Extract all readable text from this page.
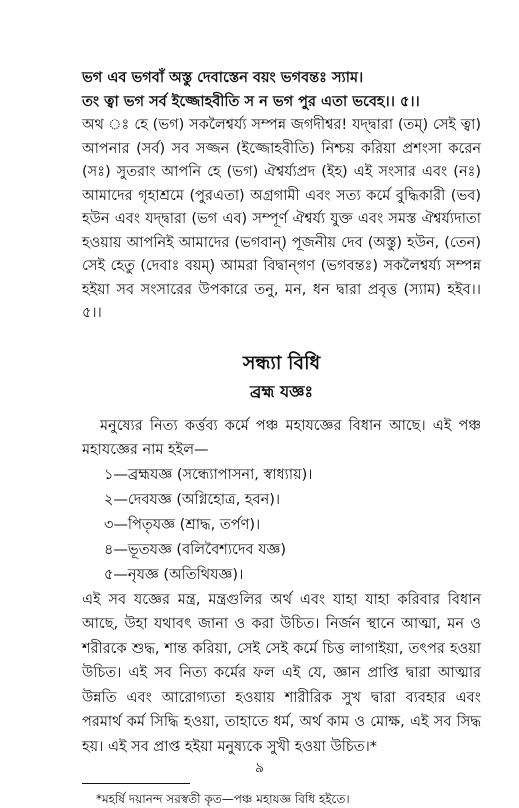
ভগ এব ভগবাঁ অস্তু দেবাস্তেন বয়ং ভগবন্তঃ স্যাম।
তং ত্বা ভগ সর্ব ইজ্জোহবীতি স ন ভগ পুর এতা ভবেহ।। ৫।।
অথ ঃ হে (ভগ) সকলৈশ্বর্য্য সম্পন্ন জগদীশ্বর! যদ্দ্বারা (তম্) সেই ত্বা) আপনার (সর্ব) সব সজ্জন (ইজ্জোহবীতি) নিশ্চয় করিয়া প্রশংসা করেন (সঃ) সুতরাং আপনি হে (ভগ) ঐশ্বর্য্যপ্রদ (ইহ) এই সংসার এবং (নঃ) আমাদের গৃহাশ্রমে (পুরএতা) অগ্রগামী এবং সত্য কর্মে বুদ্ধিকারী (ভব) হউন এবং যদ্দ্বারা (ভগ এব) সম্পূর্ণ ঐশ্বর্য্য যুক্ত এবং সমস্ত ঐশ্বর্য্যদাতা হওয়ায় আপনিই আমাদের (ভগবান্) পূজনীয় দেব (অস্তু) হউন, (তেন) সেই হেতু (দেবাঃ বয়ম্) আমরা বিদ্বান্গণ (ভগবন্তঃ) সকলৈশ্বর্য্য সম্পন্ন হইয়া সব সংসারের উপকারে তনু, মন, ধন দ্বারা প্রবৃত্ত (স্যাম) হইব।। ৫।।
সন্ধ্যা বিধি
ব্রহ্ম যজ্ঞঃ
মনুষ্যের নিত্য কর্ত্তব্য কর্মে পঞ্চ মহাযজ্ঞের বিধান আছে। এই পঞ্চ মহাযজ্ঞের নাম হইল—
১—ব্রহ্মযজ্ঞ (সন্ধ্যোপাসনা, স্বাধ্যায়)।
২—দেবযজ্ঞ (অগ্নিহোত্র, হবন)।
৩—পিতৃযজ্ঞ (শ্রাদ্ধ, তর্পণ)।
৪—ভূতযজ্ঞ (বলিবৈশ্যদেব যজ্ঞ)
৫—নৃযজ্ঞ (অতিথিযজ্ঞ)।
এই সব যজ্ঞের মন্ত্র, মন্ত্রগুলির অর্থ এবং যাহা যাহা করিবার বিধান আছে, উহা যথাবৎ জানা ও করা উচিত। নির্জন স্থানে আত্মা, মন ও শরীরকে শুদ্ধ, শান্ত করিয়া, সেই সেই কর্মে চিত্ত লাগাইয়া, তৎপর হওয়া উচিত। এই সব নিত্য কর্মের ফল এই যে, জ্ঞান প্রাপ্তি দ্বারা আত্মার উন্নতি এবং আরোগ্যতা হওয়ায় শারীরিক সুখ দ্বারা ব্যবহার এবং পরমার্থ কর্ম সিদ্ধি হওয়া, তাহাতে ধর্ম, অর্থ কাম ও মোক্ষ, এই সব সিদ্ধ হয়। এই সব প্রাপ্ত হইয়া মনুষ্যকে সুখী হওয়া উচিত।*
*মহর্ষি দয়ানন্দ সরস্বতী কৃত—পঞ্চ মহাযজ্ঞ বিধি হইতে।
৯
